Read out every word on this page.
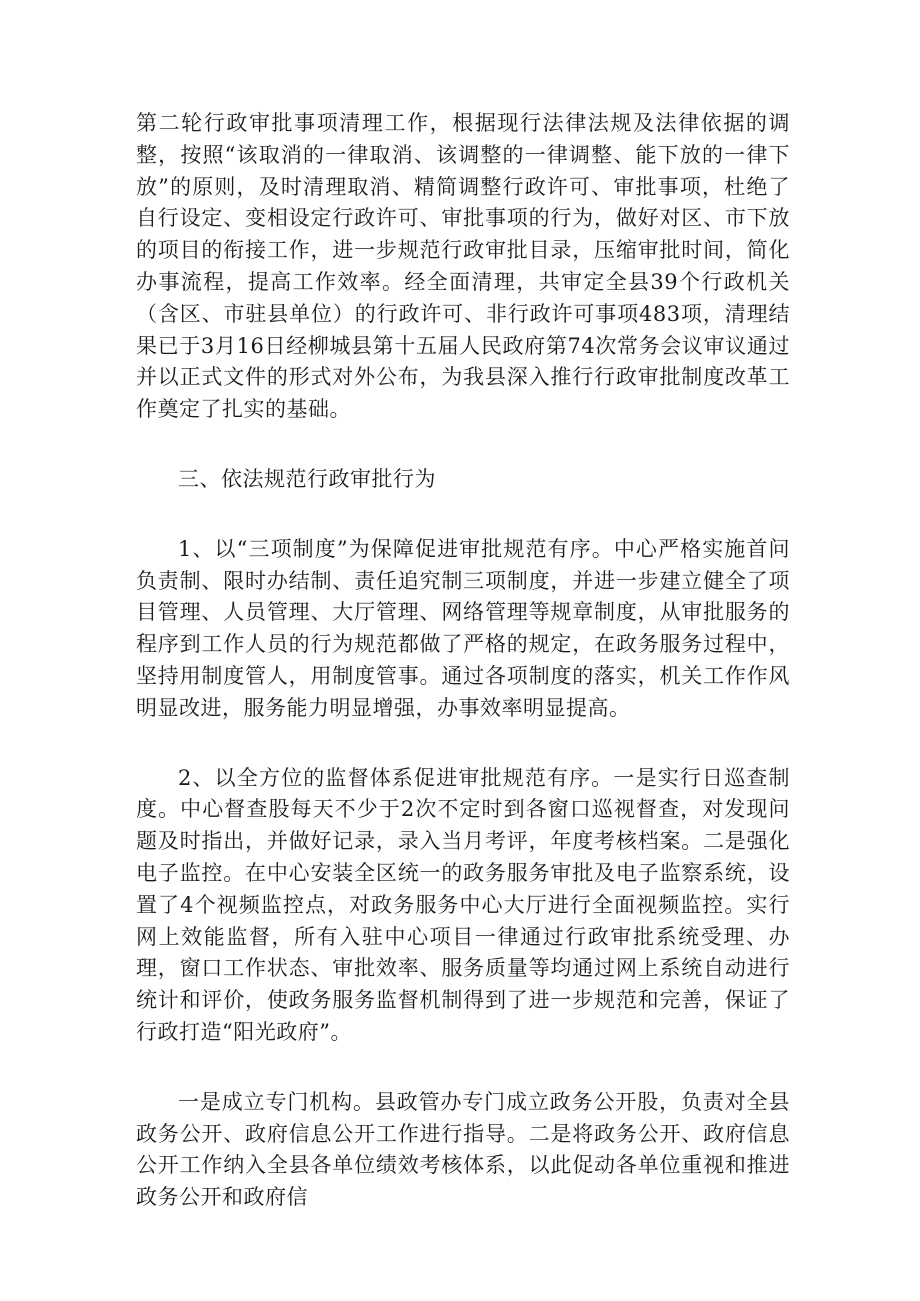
第二轮行政审批事项清理工作，根据现行法律法规及法律依据的调整，按照“该取消的一律取消、该调整的一律调整、能下放的一律下放”的原则，及时清理取消、精简调整行政许可、审批事项，杜绝了自行设定、变相设定行政许可、审批事项的行为，做好对区、市下放的项目的衔接工作，进一步规范行政审批目录，压缩审批时间，简化办事流程，提高工作效率。经全面清理，共审定全县39个行政机关（含区、市驻县单位）的行政许可、非行政许可事项483项，清理结果已于3月16日经柳城县第十五届人民政府第74次常务会议审议通过并以正式文件的形式对外公布，为我县深入推行行政审批制度改革工作奠定了扎实的基础。

三、依法规范行政审批行为

1、以“三项制度”为保障促进审批规范有序。中心严格实施首问负责制、限时办结制、责任追究制三项制度，并进一步建立健全了项目管理、人员管理、大厅管理、网络管理等规章制度，从审批服务的程序到工作人员的行为规范都做了严格的规定，在政务服务过程中，坚持用制度管人，用制度管事。通过各项制度的落实，机关工作作风明显改进，服务能力明显增强，办事效率明显提高。

2、以全方位的监督体系促进审批规范有序。一是实行日巡查制度。中心督查股每天不少于2次不定时到各窗口巡视督查，对发现问题及时指出，并做好记录，录入当月考评，年度考核档案。二是强化电子监控。在中心安装全区统一的政务服务审批及电子监察系统，设置了4个视频监控点，对政务服务中心大厅进行全面视频监控。实行网上效能监督，所有入驻中心项目一律通过行政审批系统受理、办理，窗口工作状态、审批效率、服务质量等均通过网上系统自动进行统计和评价，使政务服务监督机制得到了进一步规范和完善，保证了行政打造“阳光政府”。

一是成立专门机构。县政管办专门成立政务公开股，负责对全县政务公开、政府信息公开工作进行指导。二是将政务公开、政府信息公开工作纳入全县各单位绩效考核体系，以此促动各单位重视和推进政务公开和政府信
